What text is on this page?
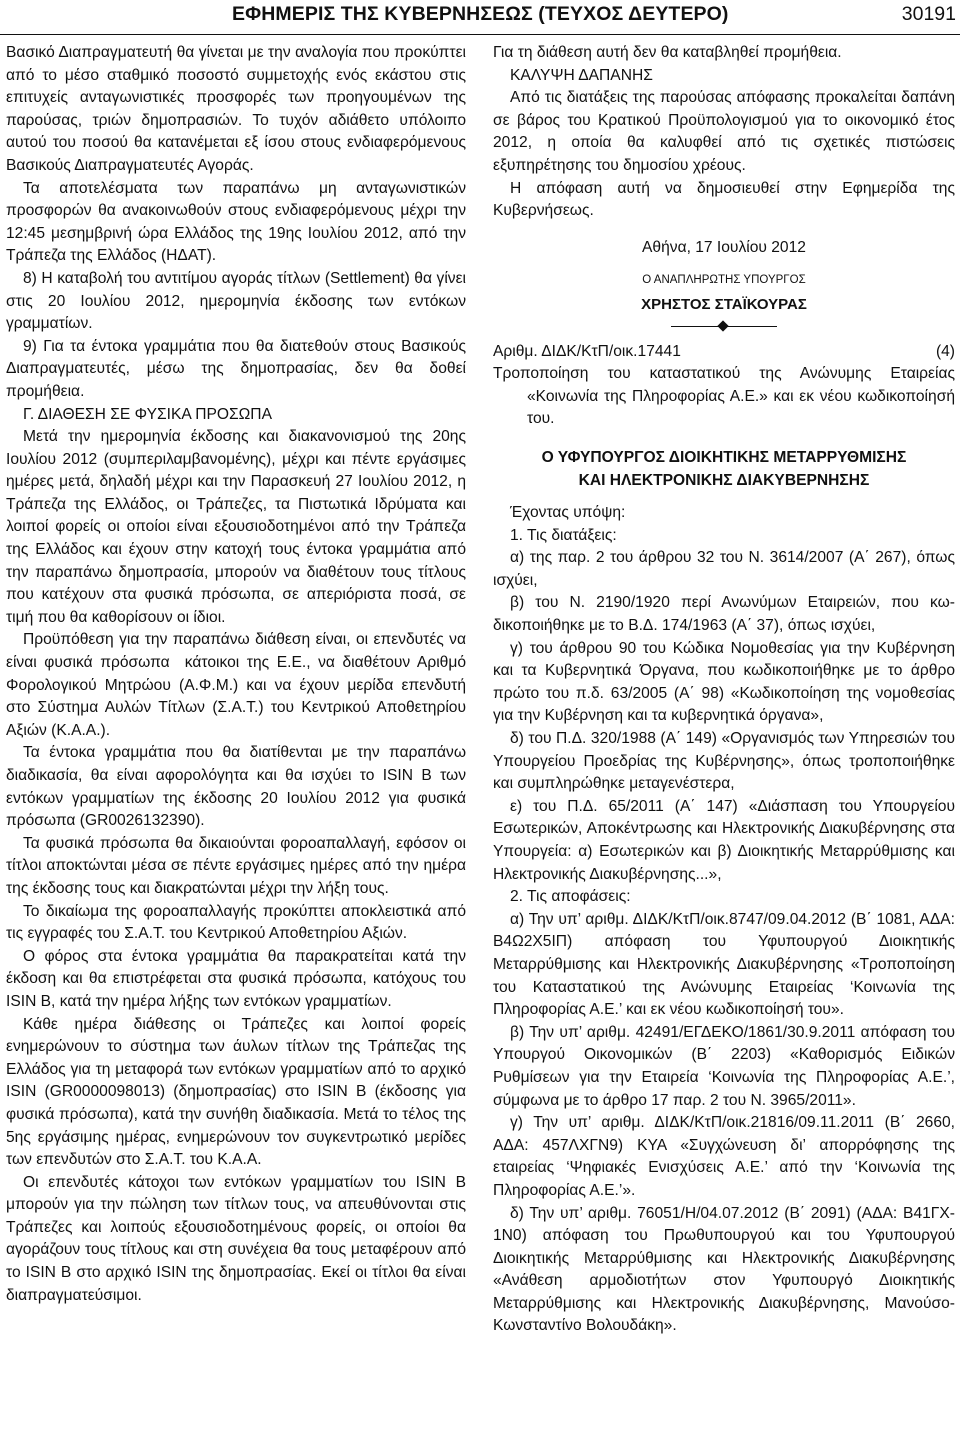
ΕΦΗΜΕΡΙΣ ΤΗΣ ΚΥΒΕΡΝΗΣΕΩΣ (ΤΕΥΧΟΣ ΔΕΥΤΕΡΟ)	30191

Βασικό Διαπραγματευτή θα γίνεται με την αναλογία που προκύπτει από το μέσο σταθμικό ποσοστό συμμετοχής ενός εκάστου στις επιτυχείς ανταγωνιστικές προσφορές των προηγουμένων της παρούσας, τριών δημοπρασιών. Το τυχόν αδιάθετο υπόλοιπο αυτού του ποσού θα κατανέμεται εξ ίσου στους ενδιαφερόμενους Βασικούς Διαπραγματευτές Αγοράς.

Τα αποτελέσματα των παραπάνω μη ανταγωνιστικών προσφορών θα ανακοινωθούν στους ενδιαφερόμενους μέχρι την 12:45 μεσημβρινή ώρα Ελλάδος της 19ης Ιουλίου 2012, από την Τράπεζα της Ελλάδος (ΗΔΑΤ).

8) Η καταβολή του αντιτίμου αγοράς τίτλων (Settlement) θα γίνει στις 20 Ιουλίου 2012, ημερομηνία έκδοσης των εντόκων γραμματίων.

9) Για τα έντοκα γραμμάτια που θα διατεθούν στους Βασικούς Διαπραγματευτές, μέσω της δημοπρασίας, δεν θα δοθεί προμήθεια.

Γ. ΔΙΑΘΕΣΗ ΣΕ ΦΥΣΙΚΑ ΠΡΟΣΩΠΑ

Μετά την ημερομηνία έκδοσης και διακανονισμού της 20ης Ιουλίου 2012 (συμπεριλαμβανομένης), μέχρι και πέντε εργάσιμες ημέρες μετά, δηλαδή μέχρι και την Παρασκευή 27 Ιουλίου 2012, η Τράπεζα της Ελλάδος, οι Τράπεζες, τα Πιστωτικά Ιδρύματα και λοιποί φορείς οι οποίοι είναι εξουσιοδοτημένοι από την Τράπεζα της Ελλάδος και έχουν στην κατοχή τους έντοκα γραμμάτια από την παραπάνω δημοπρασία, μπορούν να διαθέτουν τους τίτλους που κατέχουν στα φυσικά πρόσωπα, σε απεριόριστα ποσά, σε τιμή που θα καθορίσουν οι ίδιοι.

Προϋπόθεση για την παραπάνω διάθεση είναι, οι επενδυτές να είναι φυσικά πρόσωπα κάτοικοι της Ε.Ε., να διαθέτουν Αριθμό Φορολογικού Μητρώου (Α.Φ.Μ.) και να έχουν μερίδα επενδυτή στο Σύστημα Αυλών Τίτλων (Σ.Α.Τ.) του Κεντρικού Αποθετηρίου Αξιών (Κ.Α.Α.).

Τα έντοκα γραμμάτια που θα διατίθενται με την παραπάνω διαδικασία, θα είναι αφορολόγητα και θα ισχύει το ISIN B των εντόκων γραμματίων της έκδοσης 20 Ιουλίου 2012 για φυσικά πρόσωπα (GR0026132390).

Τα φυσικά πρόσωπα θα δικαιούνται φοροαπαλλαγή, εφόσον οι τίτλοι αποκτώνται μέσα σε πέντε εργάσιμες ημέρες από την ημέρα της έκδοσης τους και διακρατώνται μέχρι την λήξη τους.

Το δικαίωμα της φοροαπαλλαγής προκύπτει αποκλειστικά από τις εγγραφές του Σ.Α.Τ. του Κεντρικού Αποθετηρίου Αξιών.

Ο φόρος στα έντοκα γραμμάτια θα παρακρατείται κατά την έκδοση και θα επιστρέφεται στα φυσικά πρόσωπα, κατόχους του ISIN B, κατά την ημέρα λήξης των εντόκων γραμματίων.

Κάθε ημέρα διάθεσης οι Τράπεζες και λοιποί φορείς ενημερώνουν το σύστημα των άυλων τίτλων της Τράπεζας της Ελλάδος για τη μεταφορά των εντόκων γραμματίων από το αρχικό ISIN (GR0000098013) (δημοπρασίας) στο ISIN B (έκδοσης για φυσικά πρόσωπα), κατά την συνήθη διαδικασία. Μετά το τέλος της 5ης εργάσιμης ημέρας, ενημερώνουν τον συγκεντρωτικό μερίδες των επενδυτών στο Σ.Α.Τ. του Κ.Α.Α.

Οι επενδυτές κάτοχοι των εντόκων γραμματίων του ISIN B μπορούν για την πώληση των τίτλων τους, να απευθύνονται στις Τράπεζες και λοιπούς εξουσιοδοτημένους φορείς, οι οποίοι θα αγοράζουν τους τίτλους και στη συνέχεια θα τους μεταφέρουν από το ISIN B στο αρχικό ISIN της δημοπρασίας. Εκεί οι τίτλοι θα είναι διαπραγματεύσιμοι.

Για τη διάθεση αυτή δεν θα καταβληθεί προμήθεια.

ΚΑΛΥΨΗ ΔΑΠΑΝΗΣ

Από τις διατάξεις της παρούσας απόφασης προκαλείται δαπάνη σε βάρος του Κρατικού Προϋπολογισμού για το οικονομικό έτος 2012, η οποία θα καλυφθεί από τις σχετικές πιστώσεις εξυπηρέτησης του δημοσίου χρέους.

Η απόφαση αυτή να δημοσιευθεί στην Εφημερίδα της Κυβερνήσεως.

Αθήνα, 17 Ιουλίου 2012

Ο ΑΝΑΠΛΗΡΩΤΗΣ ΥΠΟΥΡΓΟΣ

ΧΡΗΣΤΟΣ ΣΤΑΪΚΟΥΡΑΣ

Αριθμ. ΔΙΔΚ/ΚτΠ/οικ.17441	(4)

Τροποποίηση του καταστατικού της Ανώνυμης Εταιρείας «Κοινωνία της Πληροφορίας Α.Ε.» και εκ νέου κωδικοποίησή του.

Ο ΥΦΥΠΟΥΡΓΟΣ ΔΙΟΙΚΗΤΙΚΗΣ ΜΕΤΑΡΡΥΘΜΙΣΗΣ

ΚΑΙ ΗΛΕΚΤΡΟΝΙΚΗΣ ΔΙΑΚΥΒΕΡΝΗΣΗΣ

Έχοντας υπόψη:

1. Τις διατάξεις:

α) της παρ. 2 του άρθρου 32 του Ν. 3614/2007 (Α΄ 267), όπως ισχύει,

β) του Ν. 2190/1920 περί Ανωνύμων Εταιρειών, που κωδικοποιήθηκε με το Β.Δ. 174/1963 (Α΄ 37), όπως ισχύει,

γ) του άρθρου 90 του Κώδικα Νομοθεσίας για την Κυβέρνηση και τα Κυβερνητικά Όργανα, που κωδικοποιήθηκε με το άρθρο πρώτο του π.δ. 63/2005 (Α΄ 98) «Κωδικοποίηση της νομοθεσίας για την Κυβέρνηση και τα κυβερνητικά όργανα»,

δ) του Π.Δ. 320/1988 (Α΄ 149) «Οργανισμός των Υπηρεσιών του Υπουργείου Προεδρίας της Κυβέρνησης», όπως τροποποιήθηκε και συμπληρώθηκε μεταγενέστερα,

ε) του Π.Δ. 65/2011 (Α΄ 147) «Διάσπαση του Υπουργείου Εσωτερικών, Αποκέντρωσης και Ηλεκτρονικής Διακυβέρνησης στα Υπουργεία: α) Εσωτερικών και β) Διοικητικής Μεταρρύθμισης και Ηλεκτρονικής Διακυβέρνησης...»,

2. Τις αποφάσεις:

α) Την υπ’ αριθμ. ΔΙΔΚ/ΚτΠ/οικ.8747/09.04.2012 (Β΄ 1081, ΑΔΑ: Β4Ω2Χ5ΙΠ) απόφαση του Υφυπουργού Διοικητικής Μεταρρύθμισης και Ηλεκτρονικής Διακυβέρνησης «Τροποποίηση του Καταστατικού της Ανώνυμης Εταιρείας ‘Κοινωνία της Πληροφορίας Α.Ε.’ και εκ νέου κωδικοποίησή του».

β) Την υπ’ αριθμ. 42491/ΕΓΔΕΚΟ/1861/30.9.2011 απόφαση του Υπουργού Οικονομικών (Β΄ 2203) «Καθορισμός Ειδικών Ρυθμίσεων για την Εταιρεία ‘Κοινωνία της Πληροφορίας Α.Ε.’, σύμφωνα με το άρθρο 17 παρ. 2 του Ν. 3965/2011».

γ) Την υπ’ αριθμ. ΔΙΔΚ/ΚτΠ/οικ.21816/09.11.2011 (Β΄ 2660, ΑΔΑ: 457ΛΧΓΝ9) ΚΥΑ «Συγχώνευση δι’ απορρόφησης της εταιρείας ‘Ψηφιακές Ενισχύσεις Α.Ε.’ από την ‘Κοινωνία της Πληροφορίας Α.Ε.’».

δ) Την υπ’ αριθμ. 76051/Η/04.07.2012 (Β΄ 2091) (ΑΔΑ: Β41ΓΧ1Ν0) απόφαση του Πρωθυπουργού και του Υφυπουργού Διοικητικής Μεταρρύθμισης και Ηλεκτρονικής Διακυβέρνησης «Ανάθεση αρμοδιοτήτων στον Υφυπουργό Διοικητικής Μεταρρύθμισης και Ηλεκτρονικής Διακυβέρνησης, ΜανούσοΚωνσταντίνο Βολουδάκη».
